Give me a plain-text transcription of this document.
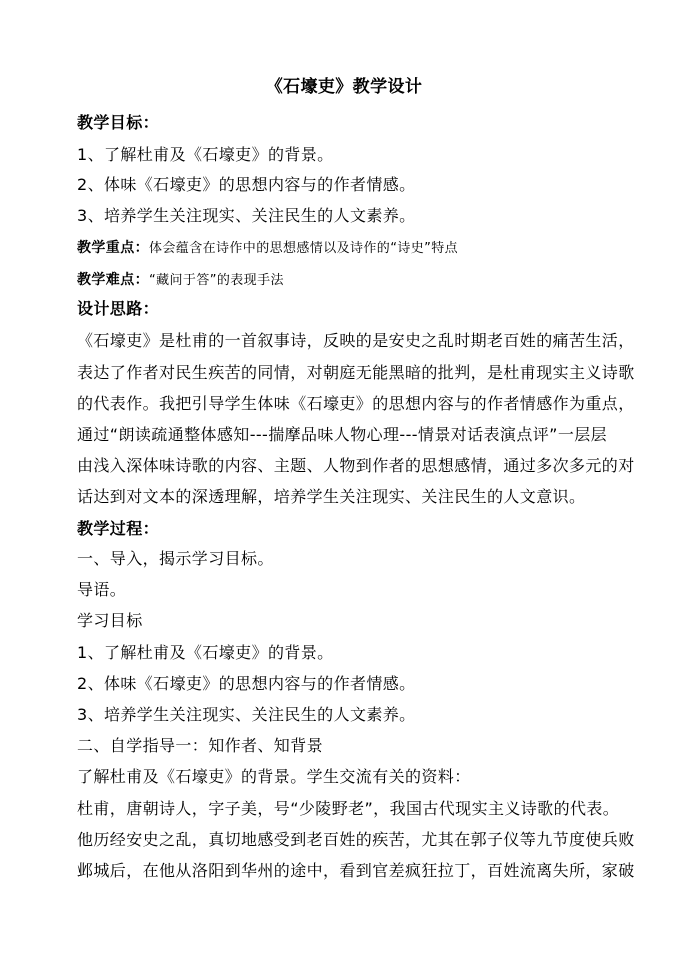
《石壕吏》教学设计
教学目标：
1、了解杜甫及《石壕吏》的背景。
2、体味《石壕吏》的思想内容与的作者情感。
3、培养学生关注现实、关注民生的人文素养。
教学重点：体会蕴含在诗作中的思想感情以及诗作的“诗史”特点
教学难点：“藏问于答”的表现手法
设计思路：
《石壕吏》是杜甫的一首叙事诗，反映的是安史之乱时期老百姓的痛苦生活，
表达了作者对民生疾苦的同情，对朝庭无能黑暗的批判，是杜甫现实主义诗歌
的代表作。我把引导学生体味《石壕吏》的思想内容与的作者情感作为重点，
通过“朗读疏通整体感知---揣摩品味人物心理---情景对话表演点评”一层层
由浅入深体味诗歌的内容、主题、人物到作者的思想感情，通过多次多元的对
话达到对文本的深透理解，培养学生关注现实、关注民生的人文意识。
教学过程：
一、导入，揭示学习目标。
导语。
学习目标
1、了解杜甫及《石壕吏》的背景。
2、体味《石壕吏》的思想内容与的作者情感。
3、培养学生关注现实、关注民生的人文素养。
二、自学指导一：知作者、知背景
了解杜甫及《石壕吏》的背景。学生交流有关的资料：
杜甫，唐朝诗人，字子美，号“少陵野老”，我国古代现实主义诗歌的代表。
他历经安史之乱，真切地感受到老百姓的疾苦，尤其在郭子仪等九节度使兵败
邺城后，在他从洛阳到华州的途中，看到官差疯狂拉丁，百姓流离失所，家破
